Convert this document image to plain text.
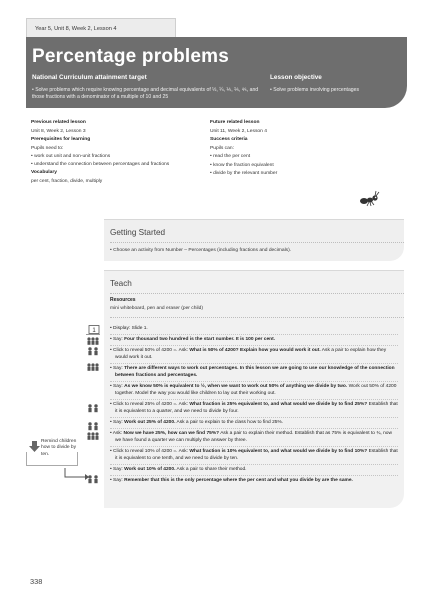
Year 5, Unit 8, Week 2, Lesson 4
Percentage problems
National Curriculum attainment target
• Solve problems which require knowing percentage and decimal equivalents of ½, ¼, ⅕, ⅖, ⅘, and those fractions with a denominator of a multiple of 10 and 25
Lesson objective
• Solve problems involving percentages
Previous related lesson
Unit 8, Week 2, Lesson 3
Prerequisites for learning
Pupils need to:
• work out unit and non-unit fractions
• understand the connection between percentages and fractions
Vocabulary
per cent, fraction, divide, multiply
Future related lesson
Unit 11, Week 2, Lesson 4
Success criteria
Pupils can:
• read the per cent
• know the fraction equivalent
• divide by the relevant number
Getting Started
• Choose an activity from Number – Percentages (including fractions and decimals).
Teach
Resources
mini whiteboard, pen and eraser (per child)
• Display: Slide 1.
• Say: Four thousand two hundred is the start number. It is 100 per cent.
• Click to reveal 50% of 4200 =. Ask: What is 50% of 4200? Explain how you would work it out. Ask a pair to explain how they would work it out.
• Say: There are different ways to work out percentages. In this lesson we are going to use our knowledge of the connection between fractions and percentages.
• Say: As we know 50% is equivalent to ½, when we want to work out 50% of anything we divide by two. Work out 50% of 4200 together. Model the way you would like children to lay out their working out.
• Click to reveal 25% of 4200 =. Ask: What fraction is 25% equivalent to, and what would we divide by to find 25%? Establish that it is equivalent to a quarter, and we need to divide by four.
• Say: Work out 25% of 4200. Ask a pair to explain to the class how to find 25%.
• Ask: Now we have 25%, how can we find 75%? Ask a pair to explain their method. Establish that as 75% is equivalent to ¾, now we have found a quarter we can multiply the answer by three.
• Click to reveal 10% of 4200 =. Ask: What fraction is 10% equivalent to, and what would we divide by to find 10%? Establish that it is equivalent to one tenth, and we need to divide by ten.
• Say: Work out 10% of 4200. Ask a pair to share their method.
• Say: Remember that this is the only percentage where the per cent and what you divide by are the same.
1
Remind children how to divide by ten.
338
